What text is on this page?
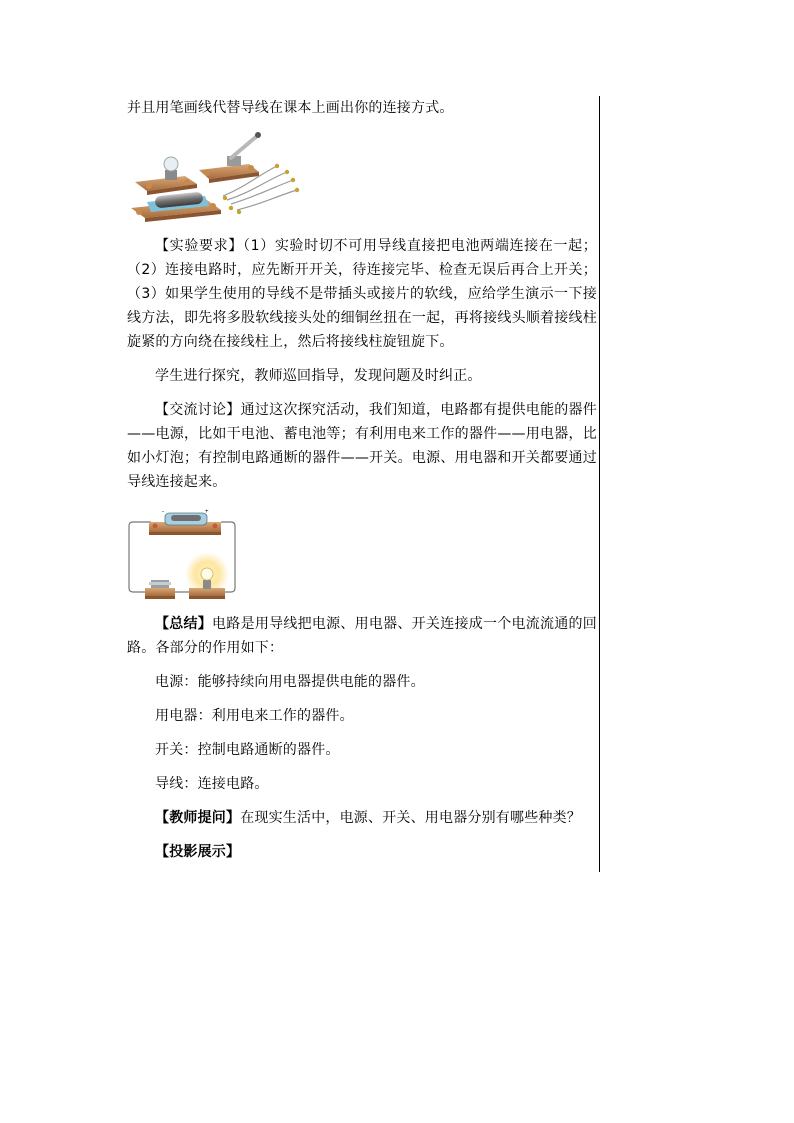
并且用笔画线代替导线在课本上画出你的连接方式。

【实验要求】（1）实验时切不可用导线直接把电池两端连接在一起；（2）连接电路时，应先断开开关，待连接完毕、检查无误后再合上开关；（3）如果学生使用的导线不是带插头或接片的软线，应给学生演示一下接线方法，即先将多股软线接头处的细铜丝扭在一起，再将接线头顺着接线柱旋紧的方向绕在接线柱上，然后将接线柱旋钮旋下。

学生进行探究，教师巡回指导，发现问题及时纠正。

【交流讨论】通过这次探究活动，我们知道，电路都有提供电能的器件——电源，比如干电池、蓄电池等；有利用电来工作的器件——用电器，比如小灯泡；有控制电路通断的器件——开关。电源、用电器和开关都要通过导线连接起来。

-	+

【总结】电路是用导线把电源、用电器、开关连接成一个电流流通的回路。各部分的作用如下：

电源：能够持续向用电器提供电能的器件。

用电器：利用电来工作的器件。

开关：控制电路通断的器件。

导线：连接电路。

【教师提问】在现实生活中，电源、开关、用电器分别有哪些种类？

【投影展示】
